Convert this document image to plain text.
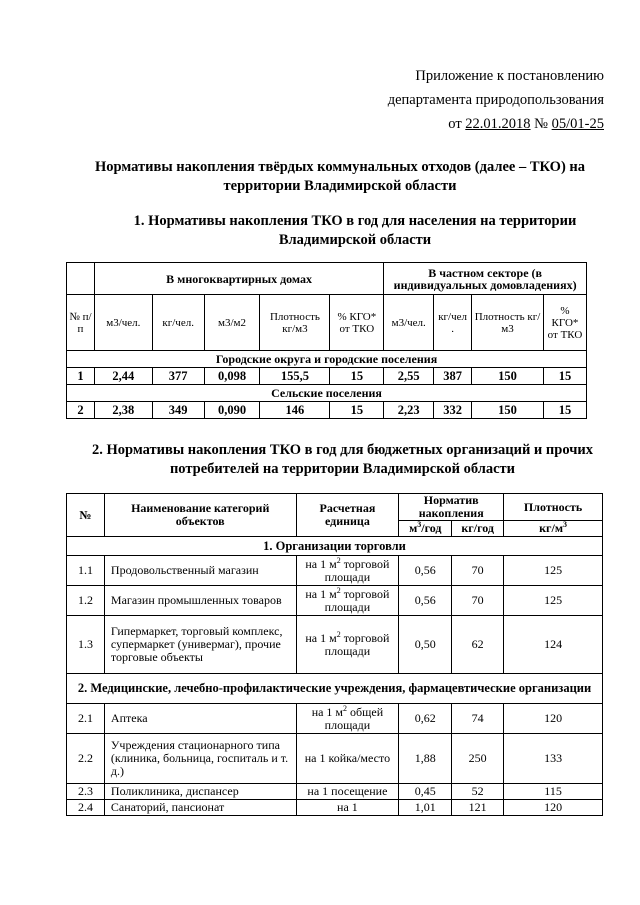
Приложение к постановлению
департамента природопользования
от 22.01.2018 № 05/01-25
Нормативы накопления твёрдых коммунальных отходов (далее – ТКО) на территории Владимирской области
1. Нормативы накопления ТКО в год для населения на территории Владимирской области
	В многоквартирных домах					В частном секторе (в индивидуальных домовладениях)			
№ п/п	м3/чел.	кг/чел.	м3/м2	Плотность кг/м3	% КГО* от ТКО	м3/чел.	кг/чел .	Плотность кг/м3	% КГО* от ТКО
Городские округа и городские поселения									
1	2,44	377	0,098	155,5	15	2,55	387	150	15
Сельские поселения									
2	2,38	349	0,090	146	15	2,23	332	150	15
2. Нормативы накопления ТКО в год для бюджетных организаций и прочих потребителей на территории Владимирской области
№	Наименование категорий объектов	Расчетная единица	Норматив накопления		Плотность
			$м^3$/год	кг/год	$кг/м^3$
1. Организации торговли					
1.1	Продовольственный магазин	на 1 $м^2$ торговой площади	0,56	70	125
1.2	Магазин промышленных товаров	на 1 $м^2$ торговой площади	0,56	70	125
1.3	Гипермаркет, торговый комплекс, супермаркет (универмаг), прочие торговые объекты	на 1 $м^2$ торговой площади	0,50	62	124
2. Медицинские, лечебно-профилактические учреждения, фармацевтические организации					
2.1	Аптека	на 1 $м^2$ общей площади	0,62	74	120
2.2	Учреждения стационарного типа (клиника, больница, госпиталь и т. д.)	на 1 койка/место	1,88	250	133
2.3	Поликлиника, диспансер	на 1 посещение	0,45	52	115
2.4	Санаторий, пансионат	на 1	1,01	121	120
